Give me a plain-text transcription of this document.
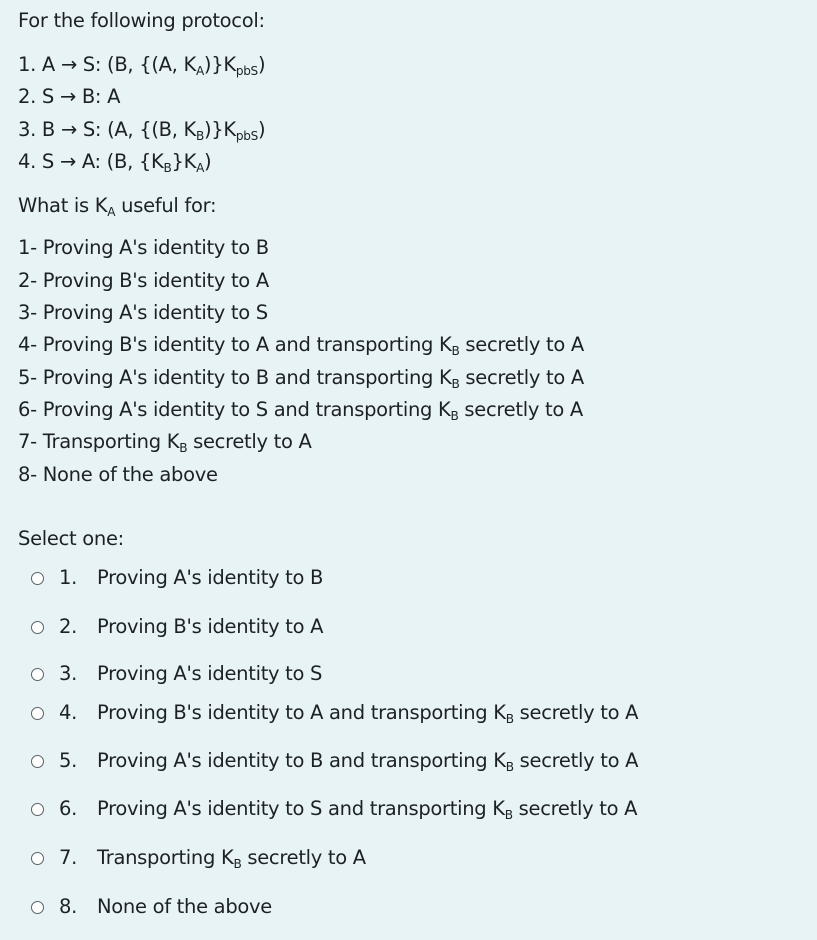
For the following protocol:
1. A → S: (B, {(A, $K_A)\}K_{pbS}$)
2. S → B: A
3. B → S: (A, {(B, $K_B)\}K_{pbS}$)
4. S → A: (B, $\{K_B\}K_A$)
What is $K_A$ useful for:
1- Proving A's identity to B
2- Proving B's identity to A
3- Proving A's identity to S
4- Proving B's identity to A and transporting $K_B$ secretly to A
5- Proving A's identity to B and transporting $K_B$ secretly to A
6- Proving A's identity to S and transporting $K_B$ secretly to A
7- Transporting $K_B$ secretly to A
8- None of the above
Select one:
1.	Proving A's identity to B
2.	Proving B's identity to A
3.	Proving A's identity to S
4.	Proving B's identity to A and transporting $K_B$ secretly to A
5.	Proving A's identity to B and transporting $K_B$ secretly to A
6.	Proving A's identity to S and transporting $K_B$ secretly to A
7.	Transporting $K_B$ secretly to A
8.	None of the above
